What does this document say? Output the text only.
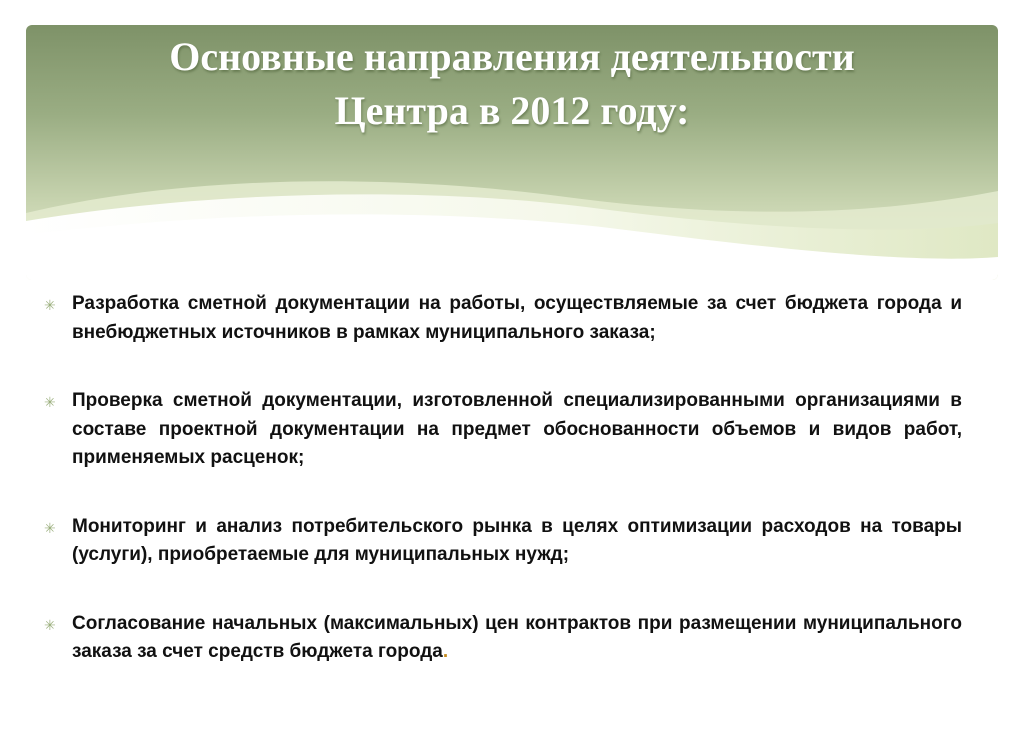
Основные направления деятельности
Центра в 2012 году:
✳ Разработка сметной документации на работы, осуществляемые за счет бюджета города и внебюджетных источников в рамках муниципального заказа;
✳ Проверка сметной документации, изготовленной специализированными организациями в составе проектной документации на предмет обоснованности объемов и видов работ, применяемых расценок;
✳ Мониторинг и анализ потребительского рынка в целях оптимизации расходов на товары (услуги), приобретаемые для муниципальных нужд;
✳ Согласование начальных (максимальных) цен контрактов при размещении муниципального заказа за счет средств бюджета города.
